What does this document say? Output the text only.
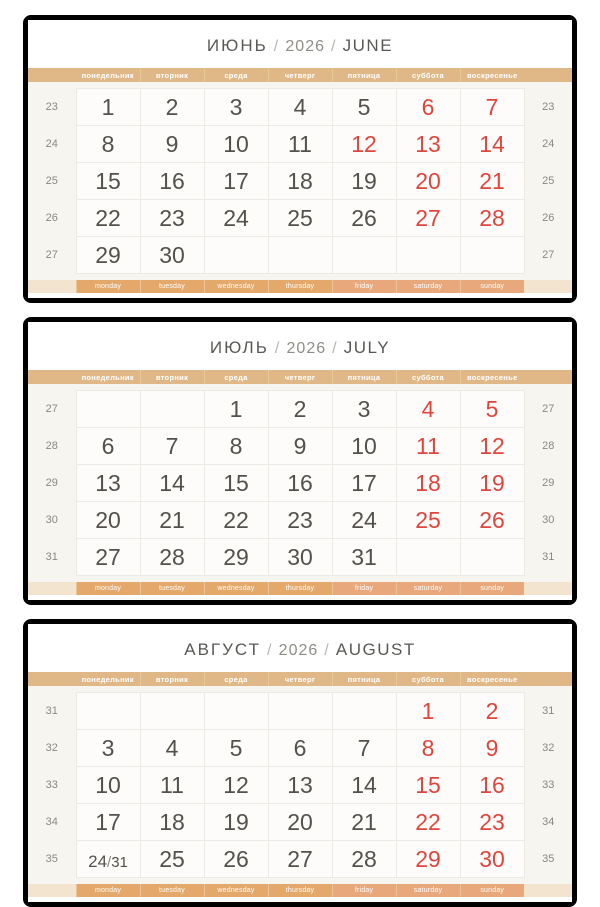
ИЮНЬ / 2026 / JUNE
	понедельник	вторник	среда	четверг	пятница	суббота	воскресенье	

23	1	2	3	4	5	6	7	23
24	8	9	10	11	12	13	14	24
25	15	16	17	18	19	20	21	25
26	22	23	24	25	26	27	28	26
27	29	30						27

	monday	tuesday	wednesday	thursday	friday	saturday	sunday	
ИЮЛЬ / 2026 / JULY
	понедельник	вторник	среда	четверг	пятница	суббота	воскресенье	

27			1	2	3	4	5	27
28	6	7	8	9	10	11	12	28
29	13	14	15	16	17	18	19	29
30	20	21	22	23	24	25	26	30
31	27	28	29	30	31			31

	monday	tuesday	wednesday	thursday	friday	saturday	sunday	
АВГУСТ / 2026 / AUGUST
	понедельник	вторник	среда	четверг	пятница	суббота	воскресенье	

31						1	2	31
32	3	4	5	6	7	8	9	32
33	10	11	12	13	14	15	16	33
34	17	18	19	20	21	22	23	34
35	24/31	25	26	27	28	29	30	35

	monday	tuesday	wednesday	thursday	friday	saturday	sunday	
